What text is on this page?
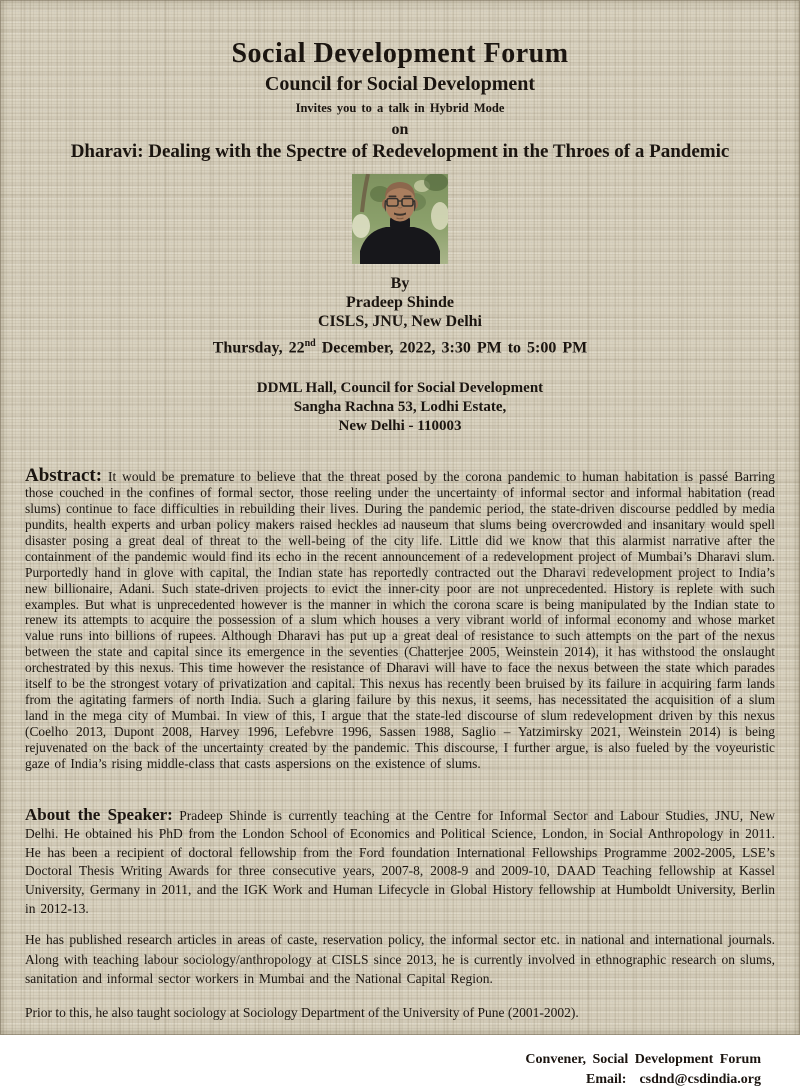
Social Development Forum
Council for Social Development
Invites you to a talk in Hybrid Mode
on
Dharavi: Dealing with the Spectre of Redevelopment in the Throes of a Pandemic
By
Pradeep Shinde
CISLS, JNU, New Delhi
Thursday, 22nd December, 2022, 3:30 PM to 5:00 PM
DDML Hall, Council for Social Development
Sangha Rachna 53, Lodhi Estate,
New Delhi - 110003

Abstract: It would be premature to believe that the threat posed by the corona pandemic to human habitation is passé Barring those couched in the confines of formal sector, those reeling under the uncertainty of informal sector and informal habitation (read slums) continue to face difficulties in rebuilding their lives. During the pandemic period, the state-driven discourse peddled by media pundits, health experts and urban policy makers raised heckles ad nauseum that slums being overcrowded and insanitary would spell disaster posing a great deal of threat to the well-being of the city life. Little did we know that this alarmist narrative after the containment of the pandemic would find its echo in the recent announcement of a redevelopment project of Mumbai’s Dharavi slum. Purportedly hand in glove with capital, the Indian state has reportedly contracted out the Dharavi redevelopment project to India’s new billionaire, Adani. Such state-driven projects to evict the inner-city poor are not unprecedented. History is replete with such examples. But what is unprecedented however is the manner in which the corona scare is being manipulated by the Indian state to renew its attempts to acquire the possession of a slum which houses a very vibrant world of informal economy and whose market value runs into billions of rupees. Although Dharavi has put up a great deal of resistance to such attempts on the part of the nexus between the state and capital since its emergence in the seventies (Chatterjee 2005, Weinstein 2014), it has withstood the onslaught orchestrated by this nexus. This time however the resistance of Dharavi will have to face the nexus between the state which parades itself to be the strongest votary of privatization and capital. This nexus has recently been bruised by its failure in acquiring farm lands from the agitating farmers of north India. Such a glaring failure by this nexus, it seems, has necessitated the acquisition of a slum land in the mega city of Mumbai. In view of this, I argue that the state-led discourse of slum redevelopment driven by this nexus (Coelho 2013, Dupont 2008, Harvey 1996, Lefebvre 1996, Sassen 1988, Saglio – Yatzimirsky 2021, Weinstein 2014) is being rejuvenated on the back of the uncertainty created by the pandemic. This discourse, I further argue, is also fueled by the voyeuristic gaze of India’s rising middle-class that casts aspersions on the existence of slums.

About the Speaker: Pradeep Shinde is currently teaching at the Centre for Informal Sector and Labour Studies, JNU, New Delhi. He obtained his PhD from the London School of Economics and Political Science, London, in Social Anthropology in 2011. He has been a recipient of doctoral fellowship from the Ford foundation International Fellowships Programme 2002-2005, LSE’s Doctoral Thesis Writing Awards for three consecutive years, 2007-8, 2008-9 and 2009-10, DAAD Teaching fellowship at Kassel University, Germany in 2011, and the IGK Work and Human Lifecycle in Global History fellowship at Humboldt University, Berlin in 2012-13.

He has published research articles in areas of caste, reservation policy, the informal sector etc. in national and international journals. Along with teaching labour sociology/anthropology at CISLS since 2013, he is currently involved in ethnographic research on slums, sanitation and informal sector workers in Mumbai and the National Capital Region.

Prior to this, he also taught sociology at Sociology Department of the University of Pune (2001-2002).

Convener, Social Development Forum
Email: csdnd@csdindia.org
